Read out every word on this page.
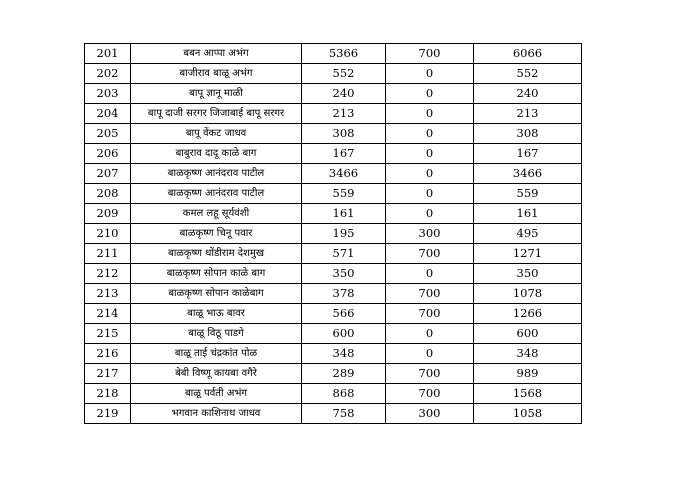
201	बबन आप्पा अभंग	5366	700	6066
202	बाजीराव बाळू अभंग	552	0	552
203	बापू ज्ञानू माळी	240	0	240
204	बापू दाजी सरगर जिजाबाई बापू सरगर	213	0	213
205	बापू वेंकट जाधव	308	0	308
206	बाबुराव दादू काळे बाग	167	0	167
207	बाळकृष्ण आनंदराव पाटील	3466	0	3466
208	बाळकृष्ण आनंदराव पाटील	559	0	559
209	कमल लहू सूर्यवंशी	161	0	161
210	बाळकृष्ण चिनू पवार	195	300	495
211	बाळकृष्ण धोंडीराम देशमुख	571	700	1271
212	बाळकृष्ण सोपान काळे बाग	350	0	350
213	बाळकृष्ण सोपान काळेबाग	378	700	1078
214	बाळू भाऊ बावर	566	700	1266
215	बाळू विठू पाडगे	600	0	600
216	बाळू ताई चंद्रकांत पोळ	348	0	348
217	बेबी विष्णू कायबा वगैरे	289	700	989
218	बाळू पर्वती अभंग	868	700	1568
219	भगवान काशिनाथ जाधव	758	300	1058
